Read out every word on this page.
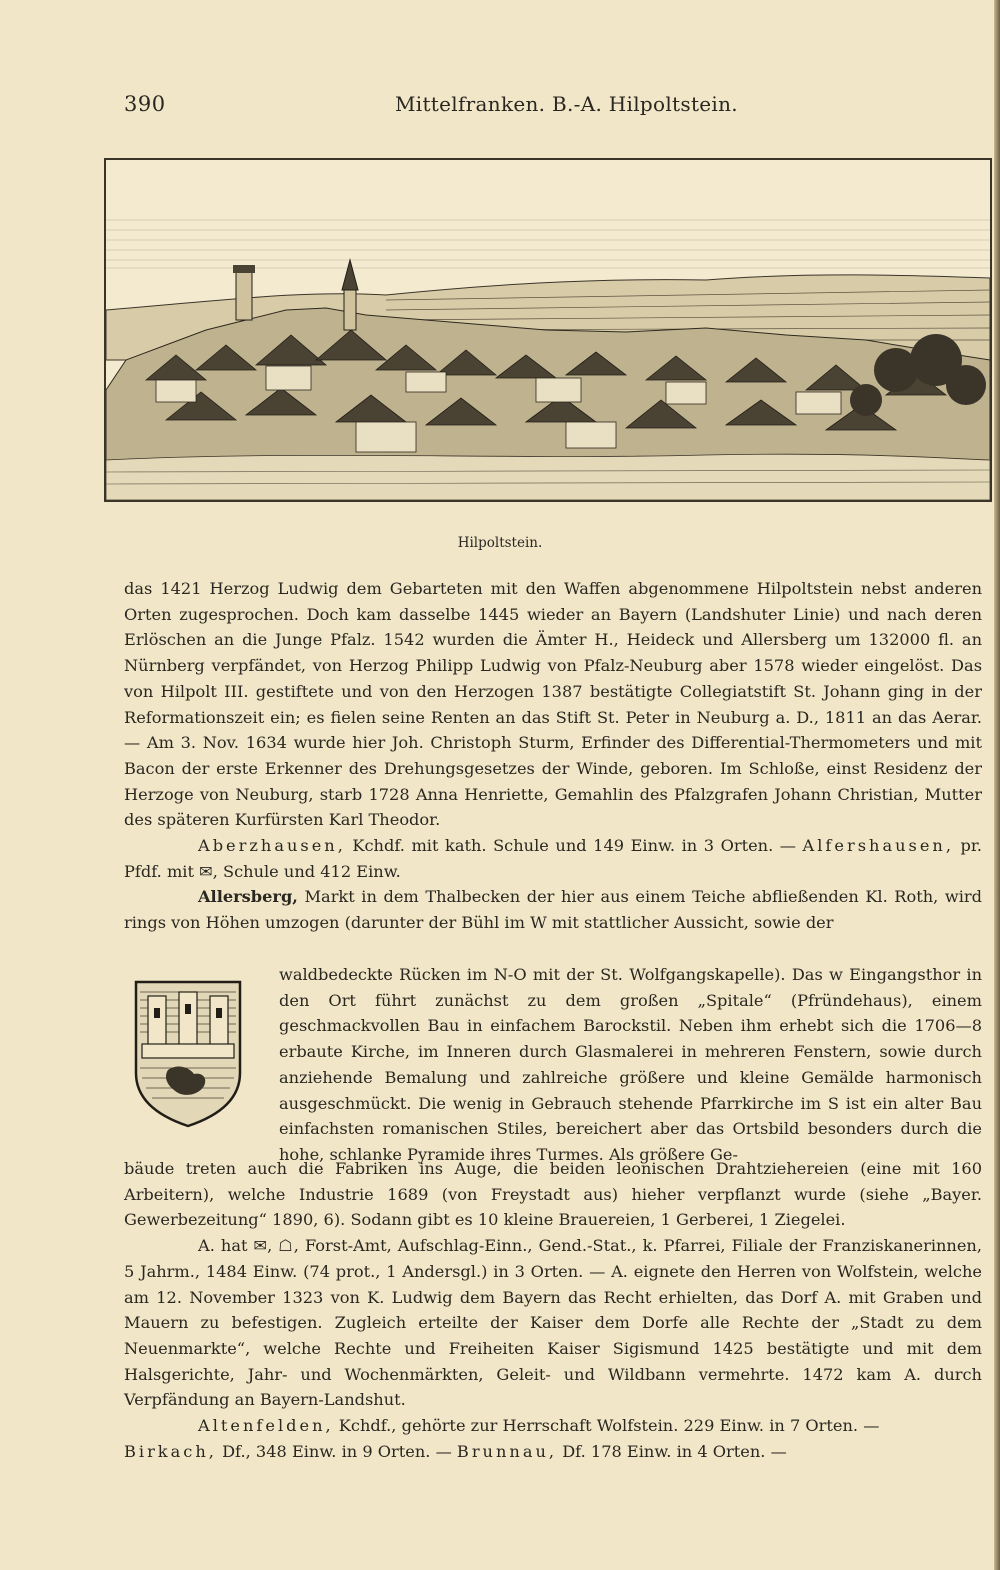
390	Mittelfranken. B.-A. Hilpoltstein.
Hilpoltstein.

das 1421 Herzog Ludwig dem Gebarteten mit den Waffen abgenommene Hilpoltstein nebst anderen Orten zugesprochen. Doch kam dasselbe 1445 wieder an Bayern (Landshuter Linie) und nach deren Erlöschen an die Junge Pfalz. 1542 wurden die Ämter H., Heideck und Allersberg um 132000 fl. an Nürnberg verpfändet, von Herzog Philipp Ludwig von Pfalz-Neuburg aber 1578 wieder eingelöst. Das von Hilpolt III. gestiftete und von den Herzogen 1387 bestätigte Collegiatstift St. Johann ging in der Reformationszeit ein; es fielen seine Renten an das Stift St. Peter in Neuburg a. D., 1811 an das Aerar. — Am 3. Nov. 1634 wurde hier Joh. Christoph Sturm, Erfinder des Differential-Thermometers und mit Bacon der erste Erkenner des Drehungsgesetzes der Winde, geboren. Im Schloße, einst Residenz der Herzoge von Neuburg, starb 1728 Anna Henriette, Gemahlin des Pfalzgrafen Johann Christian, Mutter des späteren Kurfürsten Karl Theodor.

Aberzhausen, Kchdf. mit kath. Schule und 149 Einw. in 3 Orten. — Alfershausen, pr. Pfdf. mit ✉, Schule und 412 Einw.

Allersberg, Markt in dem Thalbecken der hier aus einem Teiche abfließenden Kl. Roth, wird rings von Höhen umzogen (darunter der Bühl im W mit stattlicher Aussicht, sowie der

waldbedeckte Rücken im N-O mit der St. Wolfgangskapelle). Das w Eingangsthor in den Ort führt zunächst zu dem großen „Spitale“ (Pfründehaus), einem geschmackvollen Bau in einfachem Barockstil. Neben ihm erhebt sich die 1706—8 erbaute Kirche, im Inneren durch Glasmalerei in mehreren Fenstern, sowie durch anziehende Bemalung und zahlreiche größere und kleine Gemälde harmonisch ausgeschmückt. Die wenig in Gebrauch stehende Pfarrkirche im S ist ein alter Bau einfachsten romanischen Stiles, bereichert aber das Ortsbild besonders durch die hohe, schlanke Pyramide ihres Turmes. Als größere Ge-

bäude treten auch die Fabriken ins Auge, die beiden leonischen Drahtziehereien (eine mit 160 Arbeitern), welche Industrie 1689 (von Freystadt aus) hieher verpflanzt wurde (siehe „Bayer. Gewerbezeitung“ 1890, 6). Sodann gibt es 10 kleine Brauereien, 1 Gerberei, 1 Ziegelei.

A. hat ✉, ☖, Forst-Amt, Aufschlag-Einn., Gend.-Stat., k. Pfarrei, Filiale der Franziskanerinnen, 5 Jahrm., 1484 Einw. (74 prot., 1 Andersgl.) in 3 Orten. — A. eignete den Herren von Wolfstein, welche am 12. November 1323 von K. Ludwig dem Bayern das Recht erhielten, das Dorf A. mit Graben und Mauern zu befestigen. Zugleich erteilte der Kaiser dem Dorfe alle Rechte der „Stadt zu dem Neuenmarkte“, welche Rechte und Freiheiten Kaiser Sigismund 1425 bestätigte und mit dem Halsgerichte, Jahr- und Wochenmärkten, Geleit- und Wildbann vermehrte. 1472 kam A. durch Verpfändung an Bayern-Landshut.

Altenfelden, Kchdf., gehörte zur Herrschaft Wolfstein. 229 Einw. in 7 Orten. —

Birkach, Df., 348 Einw. in 9 Orten. — Brunnau, Df. 178 Einw. in 4 Orten. —
